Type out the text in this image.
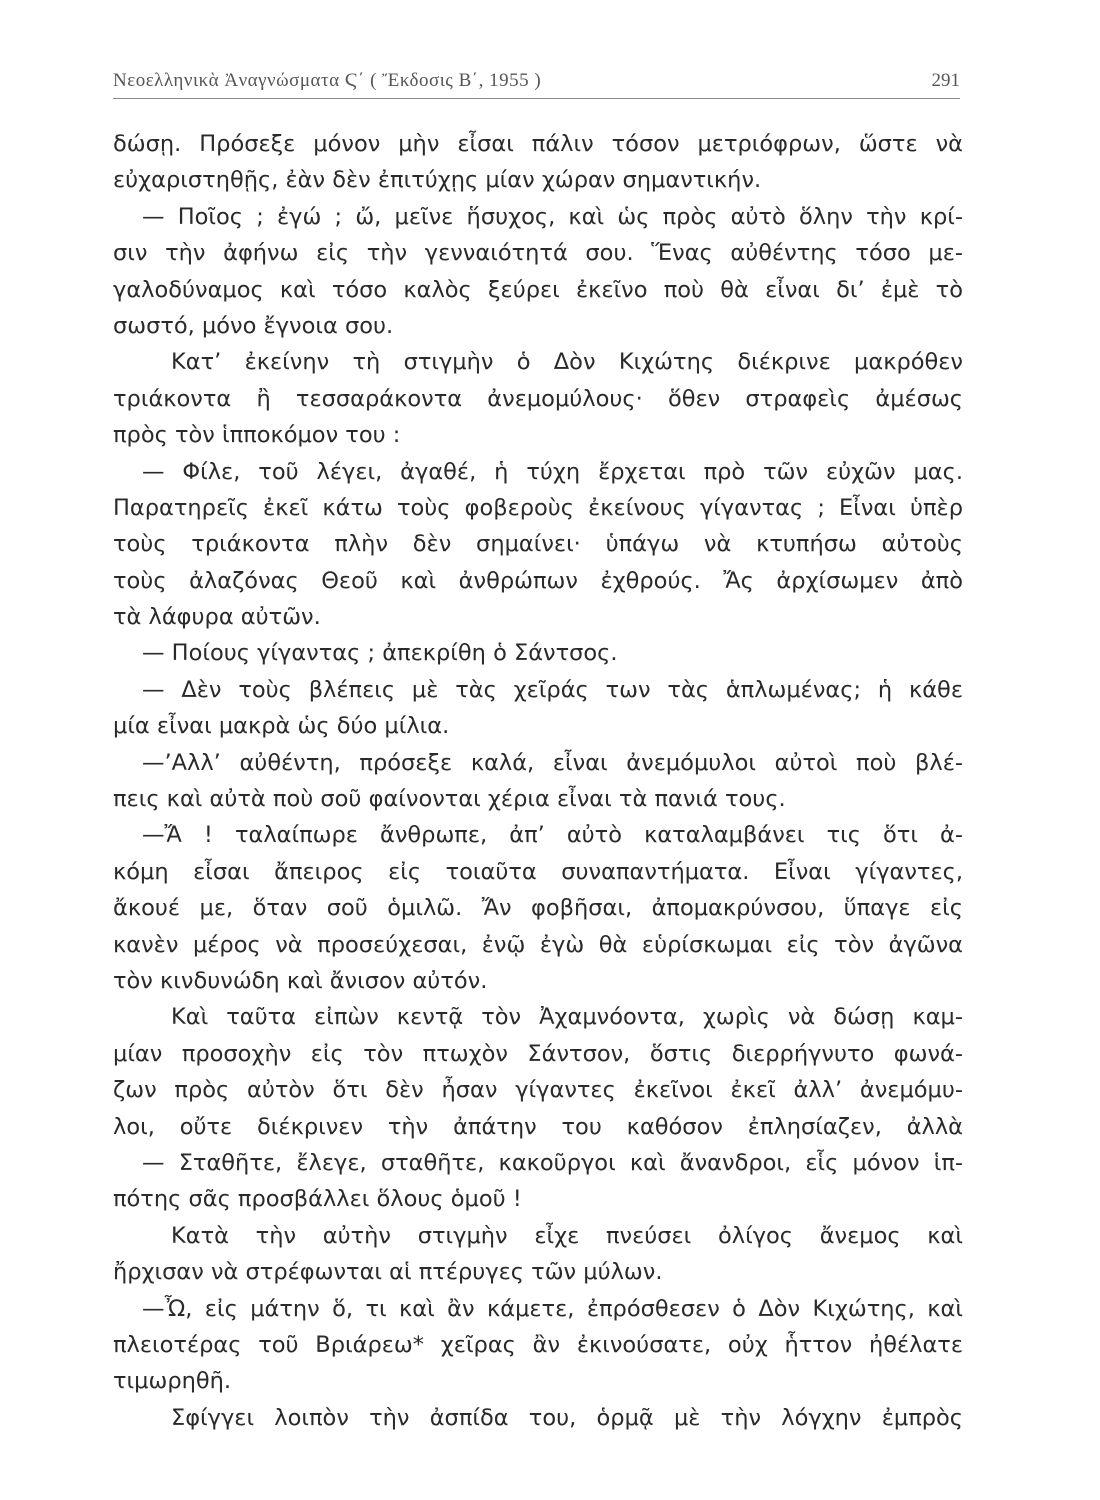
Νεοελληνικὰ Ἀναγνώσματα Ϛ΄ ( Ἔκδοσις Β΄, 1955 )	291
δώσῃ. Πρόσεξε μόνον μὴν εἶσαι πάλιν τόσον μετριόφρων, ὥστε νὰ
εὐχαριστηθῇς, ἐὰν δὲν ἐπιτύχῃς μίαν χώραν σημαντικήν.
— Ποῖος ; ἐγώ ; ὤ, μεῖνε ἥσυχος, καὶ ὡς πρὸς αὐτὸ ὅλην τὴν κρί-
σιν τὴν ἀφήνω εἰς τὴν γενναιότητά σου. Ἕνας αὐθέντης τόσο με-
γαλοδύναμος καὶ τόσο καλὸς ξεύρει ἐκεῖνο ποὺ θὰ εἶναι δι’ ἐμὲ τὸ
σωστό, μόνο ἔγνοια σου.
Κατ’ ἐκείνην τὴ στιγμὴν ὁ Δὸν Κιχώτης διέκρινε μακρόθεν
τριάκοντα ἢ τεσσαράκοντα ἀνεμομύλους· ὅθεν στραφεὶς ἀμέσως
πρὸς τὸν ἱπποκόμον του :
— Φίλε, τοῦ λέγει, ἀγαθέ, ἡ τύχη ἔρχεται πρὸ τῶν εὐχῶν μας.
Παρατηρεῖς ἐκεῖ κάτω τοὺς φοβεροὺς ἐκείνους γίγαντας ; Εἶναι ὑπὲρ
τοὺς τριάκοντα πλὴν δὲν σημαίνει· ὑπάγω νὰ κτυπήσω αὐτοὺς
τοὺς ἀλαζόνας Θεοῦ καὶ ἀνθρώπων ἐχθρούς. Ἄς ἀρχίσωμεν ἀπὸ
τὰ λάφυρα αὐτῶν.
— Ποίους γίγαντας ; ἀπεκρίθη ὁ Σάντσος.
— Δὲν τοὺς βλέπεις μὲ τὰς χεῖράς των τὰς ἁπλωμένας; ἡ κάθε
μία εἶναι μακρὰ ὡς δύο μίλια.
—’Αλλ’ αὐθέντη, πρόσεξε καλά, εἶναι ἀνεμόμυλοι αὐτοὶ ποὺ βλέ-
πεις καὶ αὐτὰ ποὺ σοῦ φαίνονται χέρια εἶναι τὰ πανιά τους.
—Ἄ ! ταλαίπωρε ἄνθρωπε, ἀπ’ αὐτὸ καταλαμβάνει τις ὅτι ἀ-
κόμη εἶσαι ἄπειρος εἰς τοιαῦτα συναπαντήματα. Εἶναι γίγαντες,
ἄκουέ με, ὅταν σοῦ ὁμιλῶ. Ἄν φοβῆσαι, ἀπομακρύνσου, ὕπαγε εἰς
κανὲν μέρος νὰ προσεύχεσαι, ἐνῷ ἐγὼ θὰ εὑρίσκωμαι εἰς τὸν ἀγῶνα
τὸν κινδυνώδη καὶ ἄνισον αὐτόν.
Καὶ ταῦτα εἰπὼν κεντᾷ τὸν Ἀχαμνόοντα, χωρὶς νὰ δώσῃ καμ-
μίαν προσοχὴν εἰς τὸν πτωχὸν Σάντσον, ὅστις διερρήγνυτο φωνά-
ζων πρὸς αὐτὸν ὅτι δὲν ἦσαν γίγαντες ἐκεῖνοι ἐκεῖ ἀλλ’ ἀνεμόμυ-
λοι, οὔτε διέκρινεν τὴν ἀπάτην του καθόσον ἐπλησίαζεν, ἀλλὰ
— Σταθῆτε, ἔλεγε, σταθῆτε, κακοῦργοι καὶ ἄνανδροι, εἷς μόνον ἱπ-
πότης σᾶς προσβάλλει ὅλους ὁμοῦ !
Κατὰ τὴν αὐτὴν στιγμὴν εἶχε πνεύσει ὀλίγος ἄνεμος καὶ
ἤρχισαν νὰ στρέφωνται αἱ πτέρυγες τῶν μύλων.
—Ὦ, εἰς μάτην ὅ, τι καὶ ἂν κάμετε, ἐπρόσθεσεν ὁ Δὸν Κιχώτης, καὶ
πλειοτέρας τοῦ Βριάρεω* χεῖρας ἂν ἐκινούσατε, οὐχ ἧττον ἠθέλατε
τιμωρηθῆ.
Σφίγγει λοιπὸν τὴν ἀσπίδα του, ὁρμᾷ μὲ τὴν λόγχην ἐμπρὸς
